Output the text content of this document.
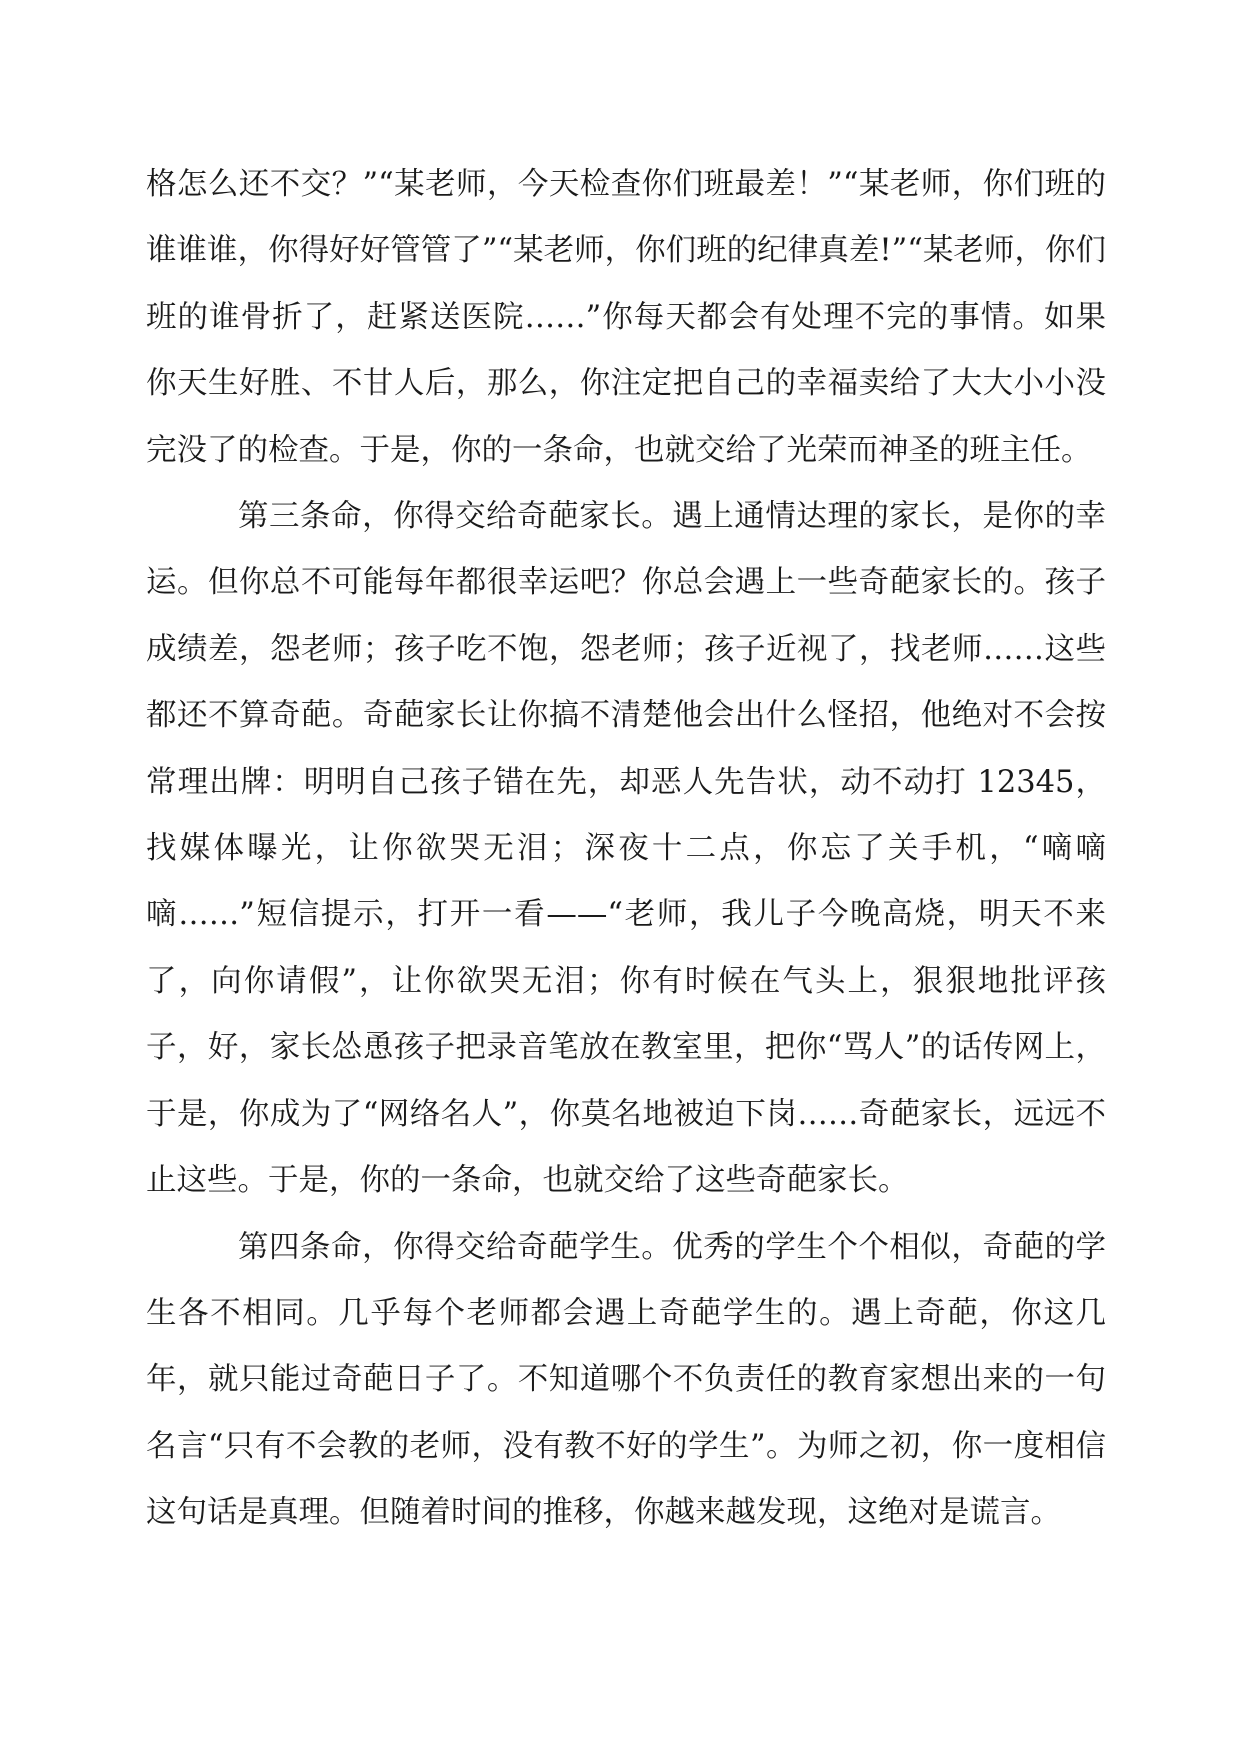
格怎么还不交？”“某老师，今天检查你们班最差！”“某老师，你们班的谁谁谁，你得好好管管了”“某老师，你们班的纪律真差!”“某老师，你们班的谁骨折了，赶紧送医院……”你每天都会有处理不完的事情。如果你天生好胜、不甘人后，那么，你注定把自己的幸福卖给了大大小小没完没了的检查。于是，你的一条命，也就交给了光荣而神圣的班主任。

第三条命，你得交给奇葩家长。遇上通情达理的家长，是你的幸运。但你总不可能每年都很幸运吧？你总会遇上一些奇葩家长的。孩子成绩差，怨老师；孩子吃不饱，怨老师；孩子近视了，找老师……这些都还不算奇葩。奇葩家长让你搞不清楚他会出什么怪招，他绝对不会按常理出牌：明明自己孩子错在先，却恶人先告状，动不动打 12345，找媒体曝光，让你欲哭无泪；深夜十二点，你忘了关手机，“嘀嘀嘀……”短信提示，打开一看——“老师，我儿子今晚高烧，明天不来了，向你请假”，让你欲哭无泪；你有时候在气头上，狠狠地批评孩子，好，家长怂恿孩子把录音笔放在教室里，把你“骂人”的话传网上，于是，你成为了“网络名人”，你莫名地被迫下岗……奇葩家长，远远不止这些。于是，你的一条命，也就交给了这些奇葩家长。

第四条命，你得交给奇葩学生。优秀的学生个个相似，奇葩的学生各不相同。几乎每个老师都会遇上奇葩学生的。遇上奇葩，你这几年，就只能过奇葩日子了。不知道哪个不负责任的教育家想出来的一句名言“只有不会教的老师，没有教不好的学生”。为师之初，你一度相信这句话是真理。但随着时间的推移，你越来越发现，这绝对是谎言。
